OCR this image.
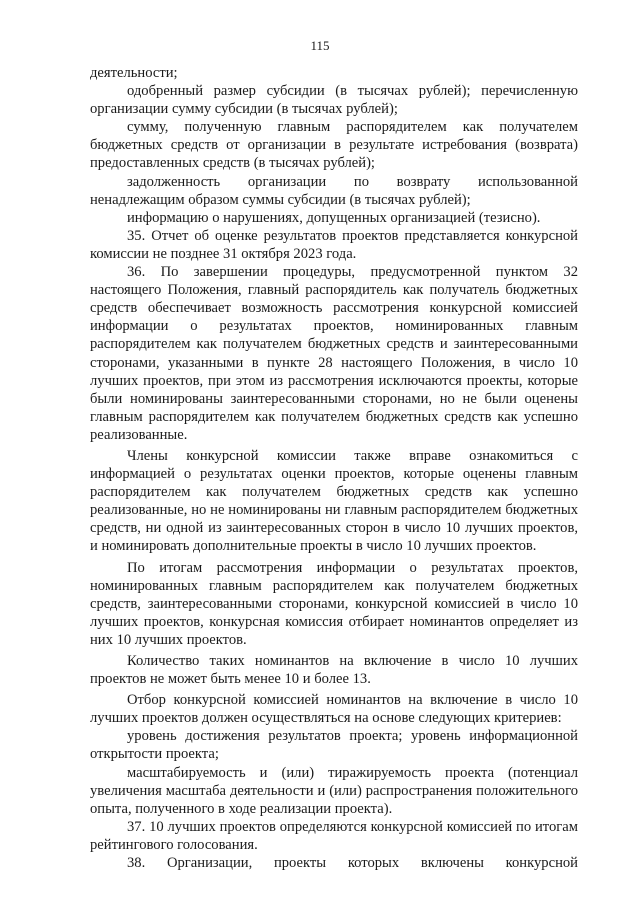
115

деятельности;

одобренный размер субсидии (в тысячах рублей); перечисленную организации сумму субсидии (в тысячах рублей);

сумму, полученную главным распорядителем как получателем бюджетных средств от организации в результате истребования (возврата) предоставленных средств (в тысячах рублей);

задолженность организации по возврату использованной ненадлежащим образом суммы субсидии (в тысячах рублей);

информацию о нарушениях, допущенных организацией (тезисно).

35. Отчет об оценке результатов проектов представляется конкурсной комиссии не позднее 31 октября 2023 года.

36. По завершении процедуры, предусмотренной пунктом 32 настоящего Положения, главный распорядитель как получатель бюджетных средств обеспечивает возможность рассмотрения конкурсной комиссией информации о результатах проектов, номинированных главным распорядителем как получателем бюджетных средств и заинтересованными сторонами, указанными в пункте 28 настоящего Положения, в число 10 лучших проектов, при этом из рассмотрения исключаются проекты, которые были номинированы заинтересованными сторонами, но не были оценены главным распорядителем как получателем бюджетных средств как успешно реализованные.

Члены конкурсной комиссии также вправе ознакомиться с информацией о результатах оценки проектов, которые оценены главным распорядителем как получателем бюджетных средств как успешно реализованные, но не номинированы ни главным распорядителем бюджетных средств, ни одной из заинтересованных сторон в число 10 лучших проектов, и номинировать дополнительные проекты в число 10 лучших проектов.

По итогам рассмотрения информации о результатах проектов, номинированных главным распорядителем как получателем бюджетных средств, заинтересованными сторонами, конкурсной комиссией в число 10 лучших проектов, конкурсная комиссия отбирает номинантов определяет из них 10 лучших проектов.

Количество таких номинантов на включение в число 10 лучших проектов не может быть менее 10 и более 13.

Отбор конкурсной комиссией номинантов на включение в число 10 лучших проектов должен осуществляться на основе следующих критериев:

уровень достижения результатов проекта; уровень информационной открытости проекта;

масштабируемость и (или) тиражируемость проекта (потенциал увеличения масштаба деятельности и (или) распространения положительного опыта, полученного в ходе реализации проекта).

37. 10 лучших проектов определяются конкурсной комиссией по итогам рейтингового голосования.

38. Организации, проекты которых включены конкурсной
